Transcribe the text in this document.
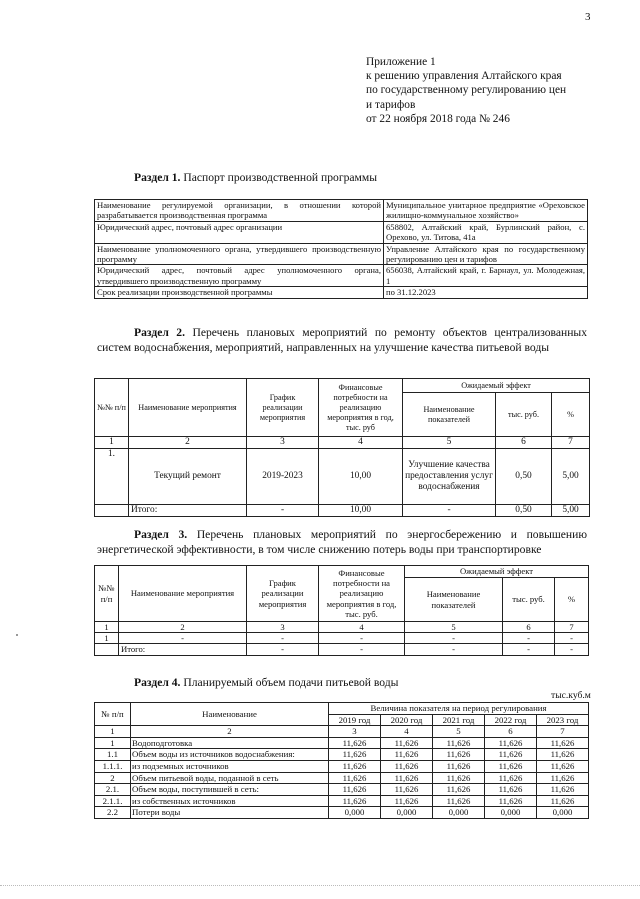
3
Приложение 1
к решению управления Алтайского края
по государственному регулированию цен
и тарифов
от 22 ноября 2018 года № 246
Раздел 1. Паспорт производственной программы
Наименование регулируемой организации, в отношении которой разрабатывается производственная программа	Муниципальное унитарное предприятие «Ореховское жилищно-коммунальное хозяйство»
Юридический адрес, почтовый адрес организации	658802, Алтайский край, Бурлинский район, с. Орехово, ул. Титова, 41а
Наименование уполномоченного органа, утвердившего производственную программу	Управление Алтайского края по государственному регулированию цен и тарифов
Юридический адрес, почтовый адрес уполномоченного органа, утвердившего производственную программу	656038, Алтайский край, г. Барнаул, ул. Молодежная, 1
Срок реализации производственной программы	по 31.12.2023
Раздел 2. Перечень плановых мероприятий по ремонту объектов централизованных систем водоснабжения, мероприятий, направленных на улучшение качества питьевой воды
№№ п/п	Наименование мероприятия	График реализации мероприятия	Финансовые потребности на реализацию мероприятия в год, тыс. руб	Ожидаемый эффект		
				Наименование показателей	тыс. руб.	%
1	2	3	4	5	6	7
1.	Текущий ремонт	2019-2023	10,00	Улучшение качества предоставления услуг водоснабжения	0,50	5,00
	Итого:	-	10,00	-	0,50	5,00
Раздел 3. Перечень плановых мероприятий по энергосбережению и повышению энергетической эффективности, в том числе снижению потерь воды при транспортировке
№№ п/п	Наименование мероприятия	График реализации мероприятия	Финансовые потребности на реализацию мероприятия в год, тыс. руб.	Ожидаемый эффект		
				Наименование показателей	тыс. руб.	%
1	2	3	4	5	6	7
1	-	-	-	-	-	-
	Итого:	-	-	-	-	-
Раздел 4. Планируемый объем подачи питьевой воды
тыс.куб.м
№ п/п	Наименование	Величина показателя на период регулирования				
		2019 год	2020 год	2021 год	2022 год	2023 год
1	2	3	4	5	6	7
1	Водоподготовка	11,626	11,626	11,626	11,626	11,626
1.1	Объем воды из источников водоснабжения:	11,626	11,626	11,626	11,626	11,626
1.1.1.	из подземных источников	11,626	11,626	11,626	11,626	11,626
2	Объем питьевой воды, поданной в сеть	11,626	11,626	11,626	11,626	11,626
2.1.	Объем воды, поступившей в сеть:	11,626	11,626	11,626	11,626	11,626
2.1.1.	из собственных источников	11,626	11,626	11,626	11,626	11,626
2.2	Потери воды	0,000	0,000	0,000	0,000	0,000
